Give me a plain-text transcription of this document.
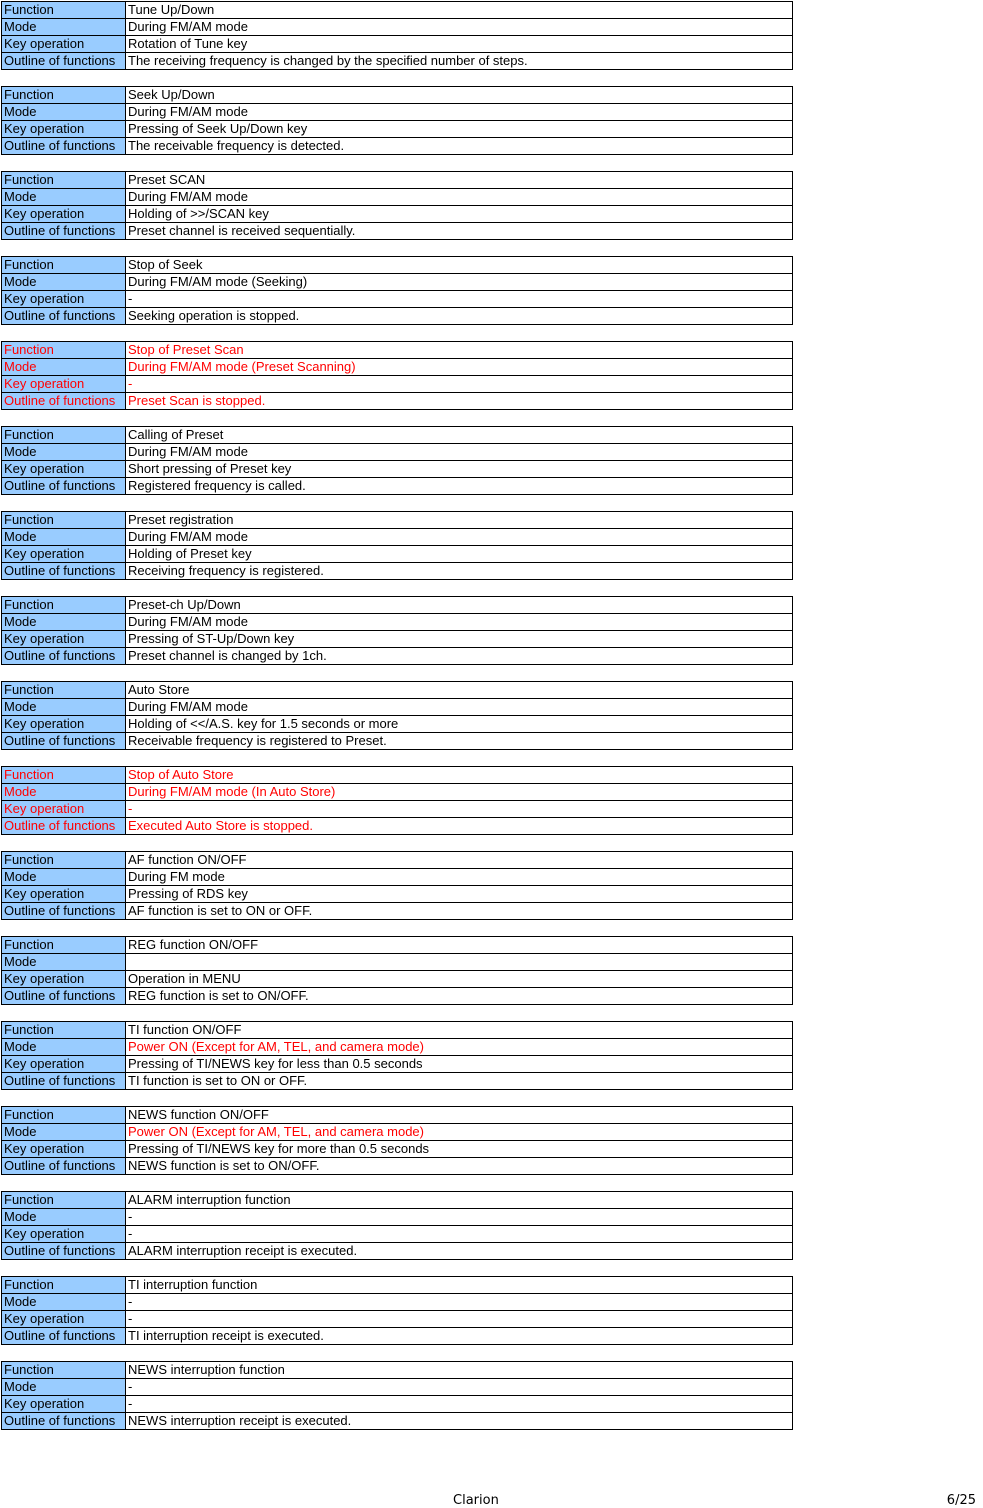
Function	Tune Up/Down
Mode	During FM/AM mode
Key operation	Rotation of Tune key
Outline of functions	The receiving frequency is changed by the specified number of steps.
Function	Seek Up/Down
Mode	During FM/AM mode
Key operation	Pressing of Seek Up/Down key
Outline of functions	The receivable frequency is detected.
Function	Preset SCAN
Mode	During FM/AM mode
Key operation	Holding of >>/SCAN key
Outline of functions	Preset channel is received sequentially.
Function	Stop of Seek
Mode	During FM/AM mode (Seeking)
Key operation	-
Outline of functions	Seeking operation is stopped.
Function	Stop of Preset Scan
Mode	During FM/AM mode (Preset Scanning)
Key operation	-
Outline of functions	Preset Scan is stopped.
Function	Calling of Preset
Mode	During FM/AM mode
Key operation	Short pressing of Preset key
Outline of functions	Registered frequency is called.
Function	Preset registration
Mode	During FM/AM mode
Key operation	Holding of Preset key
Outline of functions	Receiving frequency is registered.
Function	Preset-ch Up/Down
Mode	During FM/AM mode
Key operation	Pressing of ST-Up/Down key
Outline of functions	Preset channel is changed by 1ch.
Function	Auto Store
Mode	During FM/AM mode
Key operation	Holding of <</A.S. key for 1.5 seconds or more
Outline of functions	Receivable frequency is registered to Preset.
Function	Stop of Auto Store
Mode	During FM/AM mode (In Auto Store)
Key operation	-
Outline of functions	Executed Auto Store is stopped.
Function	AF function ON/OFF
Mode	During FM mode
Key operation	Pressing of RDS key
Outline of functions	AF function is set to ON or OFF.
Function	REG function ON/OFF
Mode	
Key operation	Operation in MENU
Outline of functions	REG function is set to ON/OFF.
Function	TI function ON/OFF
Mode	Power ON (Except for AM, TEL, and camera mode)
Key operation	Pressing of TI/NEWS key for less than 0.5 seconds
Outline of functions	TI function is set to ON or OFF.
Function	NEWS function ON/OFF
Mode	Power ON (Except for AM, TEL, and camera mode)
Key operation	Pressing of TI/NEWS key for more than 0.5 seconds
Outline of functions	NEWS function is set to ON/OFF.
Function	ALARM interruption function
Mode	-
Key operation	-
Outline of functions	ALARM interruption receipt is executed.
Function	TI interruption function
Mode	-
Key operation	-
Outline of functions	TI interruption receipt is executed.
Function	NEWS interruption function
Mode	-
Key operation	-
Outline of functions	NEWS interruption receipt is executed.
Clarion	6/25
